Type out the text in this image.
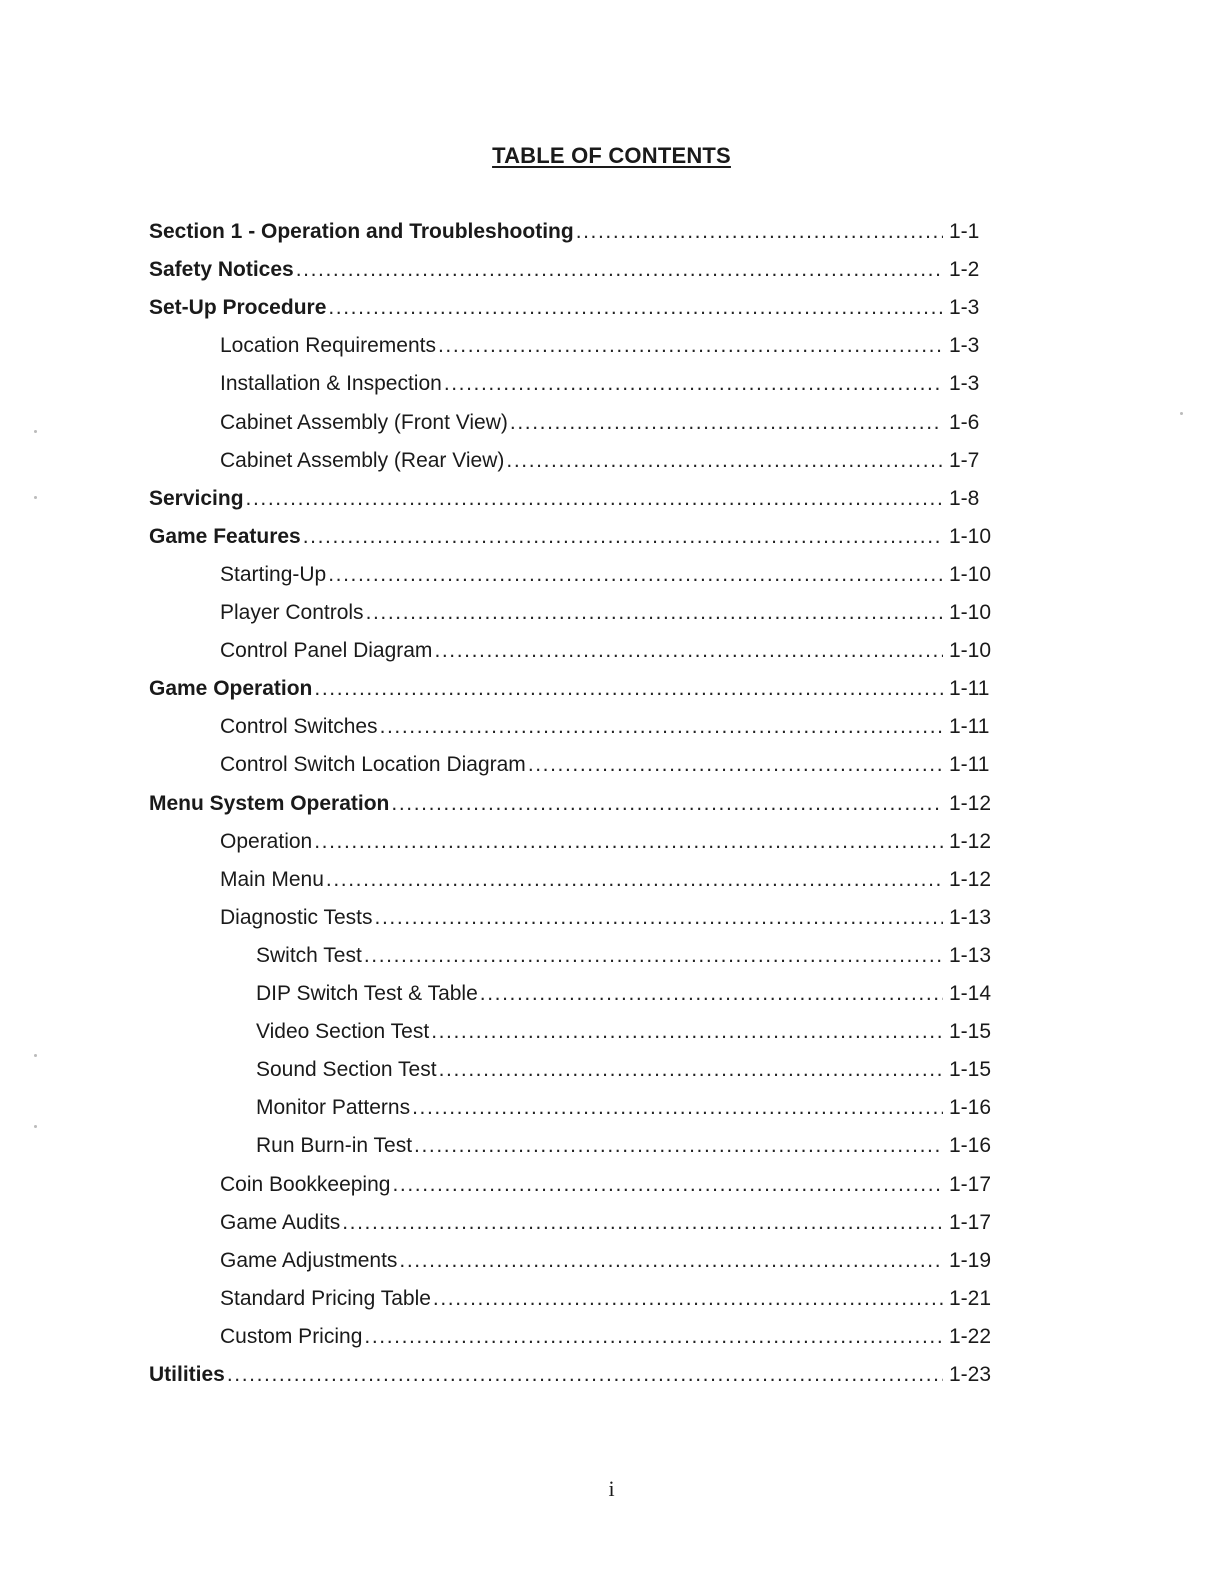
TABLE OF CONTENTS
Section 1 - Operation and Troubleshooting .....	1-1
Safety Notices .....	1-2
Set-Up Procedure .....	1-3
Location Requirements .....	1-3
Installation & Inspection .....	1-3
Cabinet Assembly (Front View) .....	1-6
Cabinet Assembly (Rear View) .....	1-7
Servicing .....	1-8
Game Features .....	1-10
Starting-Up .....	1-10
Player Controls .....	1-10
Control Panel Diagram .....	1-10
Game Operation .....	1-11
Control Switches .....	1-11
Control Switch Location Diagram .....	1-11
Menu System Operation .....	1-12
Operation .....	1-12
Main Menu .....	1-12
Diagnostic Tests .....	1-13
Switch Test .....	1-13
DIP Switch Test & Table .....	1-14
Video Section Test .....	1-15
Sound Section Test .....	1-15
Monitor Patterns .....	1-16
Run Burn-in Test .....	1-16
Coin Bookkeeping .....	1-17
Game Audits .....	1-17
Game Adjustments .....	1-19
Standard Pricing Table .....	1-21
Custom Pricing .....	1-22
Utilities .....	1-23
i
